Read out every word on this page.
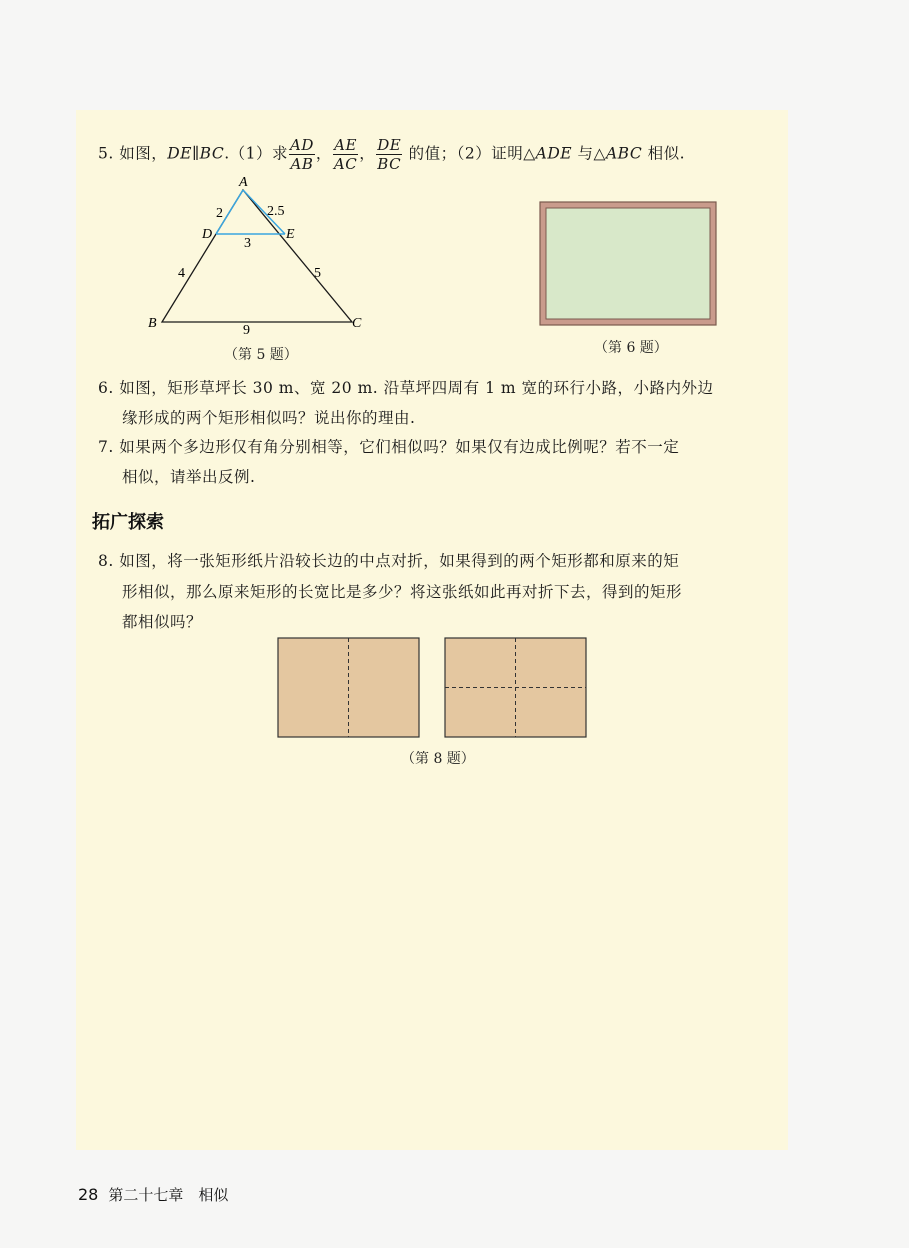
5. 如图，DE∥BC.（1）求 $\frac{AD}{AB}$ ， $\frac{AE}{AC}$ ， $\frac{DE}{BC}$ 的值；（2）证明△ADE 与△ABC 相似.
A
B	C
D	E
2	2.5
3
4	5
9
（第 5 题）	（第 6 题）
6. 如图，矩形草坪长 30 m、宽 20 m. 沿草坪四周有 1 m 宽的环行小路，小路内外边
缘形成的两个矩形相似吗？说出你的理由.
7. 如果两个多边形仅有角分别相等，它们相似吗？如果仅有边成比例呢？若不一定
相似，请举出反例.
拓广探索
8. 如图，将一张矩形纸片沿较长边的中点对折，如果得到的两个矩形都和原来的矩
形相似，那么原来矩形的长宽比是多少？将这张纸如此再对折下去，得到的矩形
都相似吗？
（第 8 题）
28 第二十七章　相似
